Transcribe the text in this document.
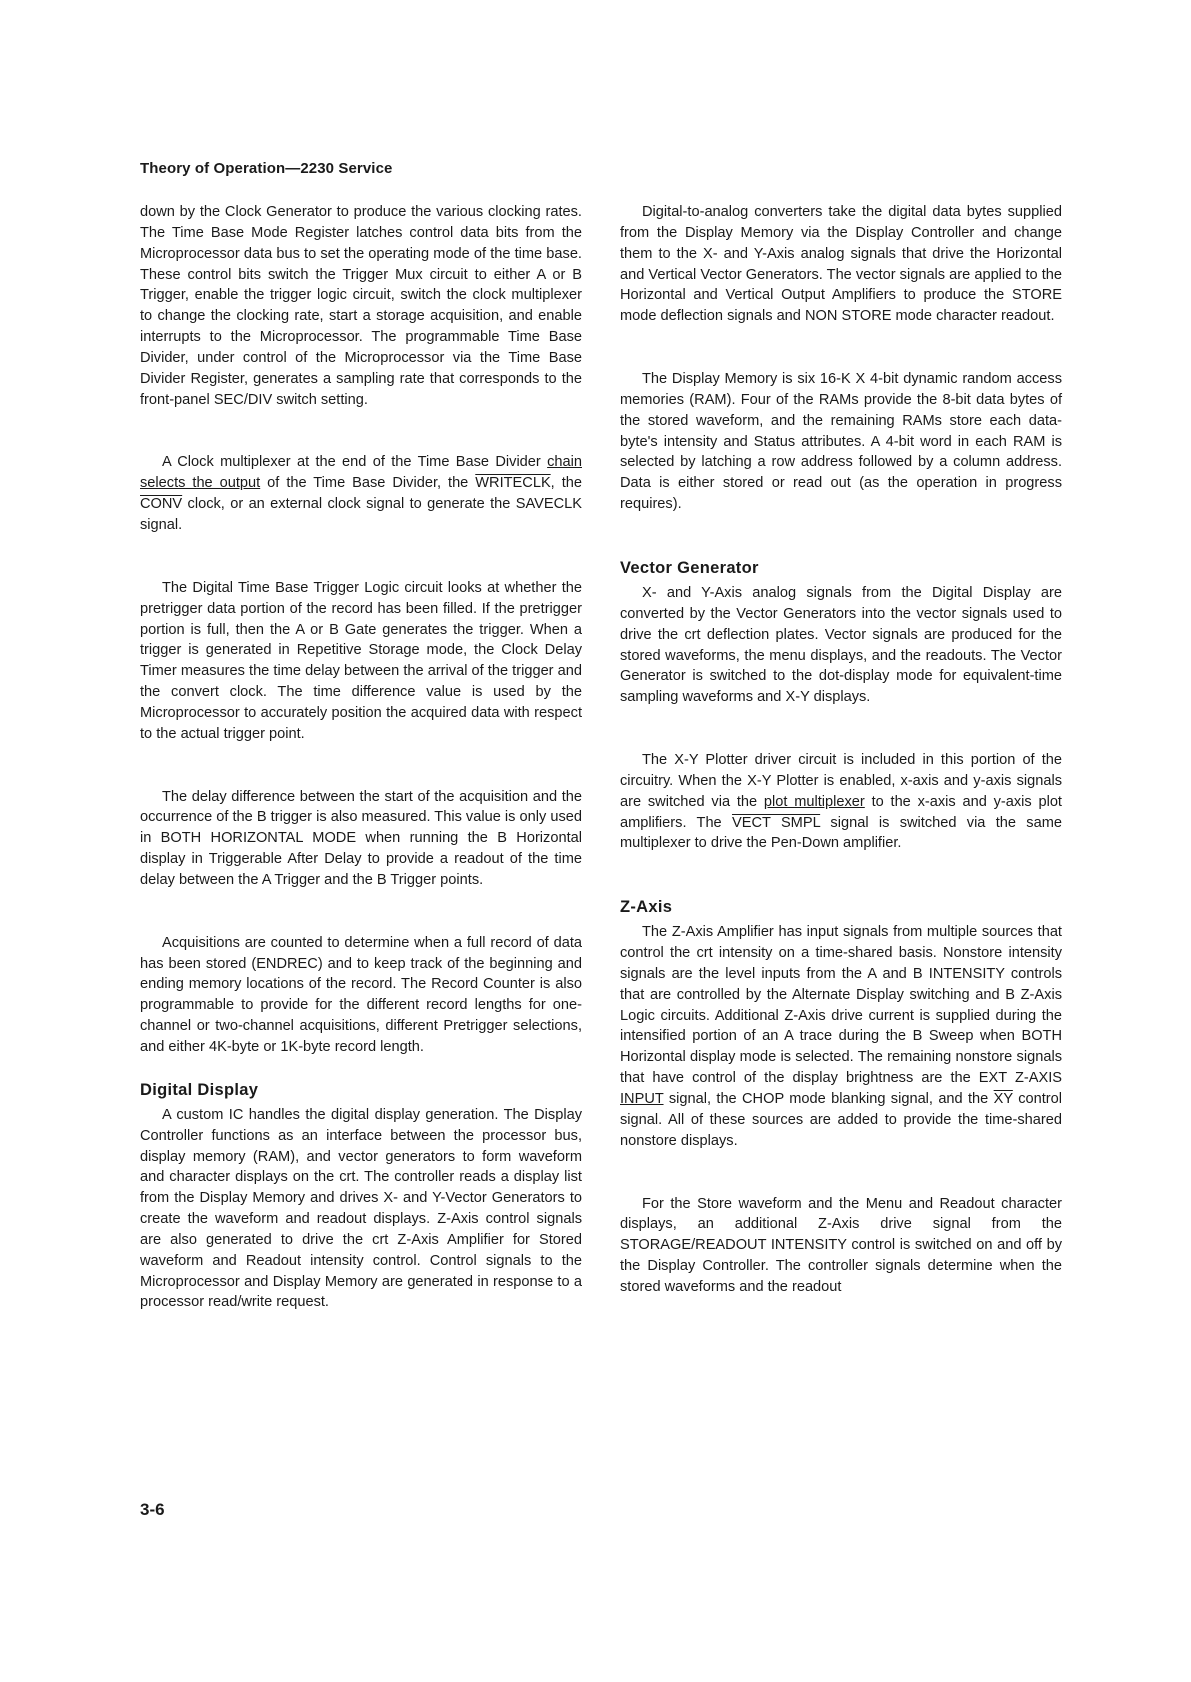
Theory of Operation—2230 Service

down by the Clock Generator to produce the various clocking rates. The Time Base Mode Register latches control data bits from the Microprocessor data bus to set the operating mode of the time base. These control bits switch the Trigger Mux circuit to either A or B Trigger, enable the trigger logic circuit, switch the clock multiplexer to change the clocking rate, start a storage acquisition, and enable interrupts to the Microprocessor. The programmable Time Base Divider, under control of the Microprocessor via the Time Base Divider Register, generates a sampling rate that corresponds to the front-panel SEC/DIV switch setting.

A Clock multiplexer at the end of the Time Base Divider chain selects the output of the Time Base Divider, the WRITECLK, the CONV clock, or an external clock signal to generate the SAVECLK signal.

The Digital Time Base Trigger Logic circuit looks at whether the pretrigger data portion of the record has been filled. If the pretrigger portion is full, then the A or B Gate generates the trigger. When a trigger is generated in Repetitive Storage mode, the Clock Delay Timer measures the time delay between the arrival of the trigger and the convert clock. The time difference value is used by the Microprocessor to accurately position the acquired data with respect to the actual trigger point.

The delay difference between the start of the acquisition and the occurrence of the B trigger is also measured. This value is only used in BOTH HORIZONTAL MODE when running the B Horizontal display in Triggerable After Delay to provide a readout of the time delay between the A Trigger and the B Trigger points.

Acquisitions are counted to determine when a full record of data has been stored (ENDREC) and to keep track of the beginning and ending memory locations of the record. The Record Counter is also programmable to provide for the different record lengths for one-channel or two-channel acquisitions, different Pretrigger selections, and either 4K-byte or 1K-byte record length.

Digital Display

A custom IC handles the digital display generation. The Display Controller functions as an interface between the processor bus, display memory (RAM), and vector generators to form waveform and character displays on the crt. The controller reads a display list from the Display Memory and drives X- and Y-Vector Generators to create the waveform and readout displays. Z-Axis control signals are also generated to drive the crt Z-Axis Amplifier for Stored waveform and Readout intensity control. Control signals to the Microprocessor and Display Memory are generated in response to a processor read/write request.

Digital-to-analog converters take the digital data bytes supplied from the Display Memory via the Display Controller and change them to the X- and Y-Axis analog signals that drive the Horizontal and Vertical Vector Generators. The vector signals are applied to the Horizontal and Vertical Output Amplifiers to produce the STORE mode deflection signals and NON STORE mode character readout.

The Display Memory is six 16-K X 4-bit dynamic random access memories (RAM). Four of the RAMs provide the 8-bit data bytes of the stored waveform, and the remaining RAMs store each data-byte's intensity and Status attributes. A 4-bit word in each RAM is selected by latching a row address followed by a column address. Data is either stored or read out (as the operation in progress requires).

Vector Generator

X- and Y-Axis analog signals from the Digital Display are converted by the Vector Generators into the vector signals used to drive the crt deflection plates. Vector signals are produced for the stored waveforms, the menu displays, and the readouts. The Vector Generator is switched to the dot-display mode for equivalent-time sampling waveforms and X-Y displays.

The X-Y Plotter driver circuit is included in this portion of the circuitry. When the X-Y Plotter is enabled, x-axis and y-axis signals are switched via the plot multiplexer to the x-axis and y-axis plot amplifiers. The VECT SMPL signal is switched via the same multiplexer to drive the Pen-Down amplifier.

Z-Axis

The Z-Axis Amplifier has input signals from multiple sources that control the crt intensity on a time-shared basis. Nonstore intensity signals are the level inputs from the A and B INTENSITY controls that are controlled by the Alternate Display switching and B Z-Axis Logic circuits. Additional Z-Axis drive current is supplied during the intensified portion of an A trace during the B Sweep when BOTH Horizontal display mode is selected. The remaining nonstore signals that have control of the display brightness are the EXT Z-AXIS INPUT signal, the CHOP mode blanking signal, and the $\overline{XY}$ control signal. All of these sources are added to provide the time-shared nonstore displays.

For the Store waveform and the Menu and Readout character displays, an additional Z-Axis drive signal from the STORAGE/READOUT INTENSITY control is switched on and off by the Display Controller. The controller signals determine when the stored waveforms and the readout

3-6
